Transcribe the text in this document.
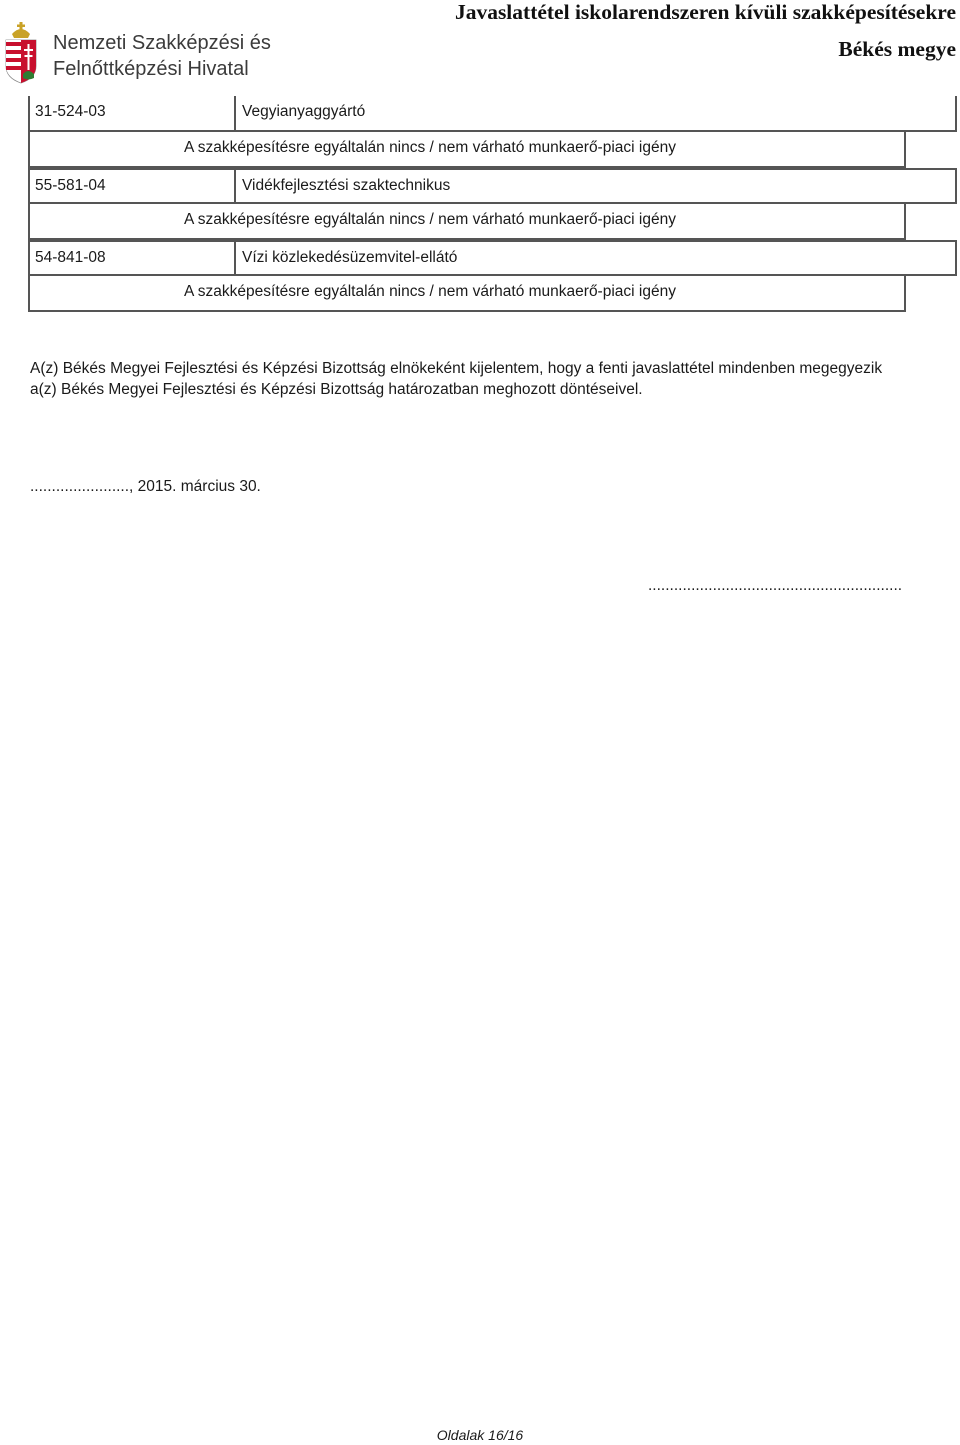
Nemzeti Szakképzési és
Felnőttképzési Hivatal
Javaslattétel iskolarendszeren kívüli szakképesítésekre
Békés megye
31-524-03	Vegyianyaggyártó
A szakképesítésre egyáltalán nincs / nem várható munkaerő-piaci igény
55-581-04	Vidékfejlesztési szaktechnikus
A szakképesítésre egyáltalán nincs / nem várható munkaerő-piaci igény
54-841-08	Vízi közlekedésüzemvitel-ellátó
A szakképesítésre egyáltalán nincs / nem várható munkaerő-piaci igény
A(z) Békés Megyei Fejlesztési és Képzési Bizottság elnökeként kijelentem, hogy a fenti javaslattétel mindenben megegyezik
a(z) Békés Megyei Fejlesztési és Képzési Bizottság határozatban meghozott döntéseivel.
......................., 2015. március 30.
...........................................................
Oldalak 16/16
